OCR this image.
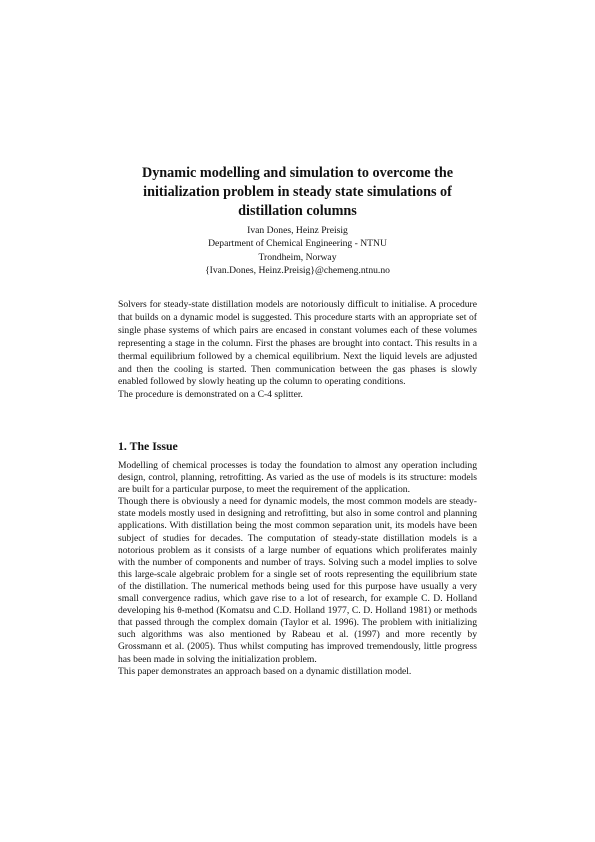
Dynamic modelling and simulation to overcome the
initialization problem in steady state simulations of
distillation columns
Ivan Dones, Heinz Preisig
Department of Chemical Engineering - NTNU
Trondheim, Norway
{Ivan.Dones, Heinz.Preisig}@chemeng.ntnu.no

Solvers for steady-state distillation models are notoriously difficult to initialise. A procedure that builds on a dynamic model is suggested. This procedure starts with an appropriate set of single phase systems of which pairs are encased in constant volumes each of these volumes representing a stage in the column. First the phases are brought into contact. This results in a thermal equilibrium followed by a chemical equilibrium. Next the liquid levels are adjusted and then the cooling is started. Then communication between the gas phases is slowly enabled followed by slowly heating up the column to operating conditions.

The procedure is demonstrated on a C-4 splitter.

1. The Issue

Modelling of chemical processes is today the foundation to almost any operation including design, control, planning, retrofitting. As varied as the use of models is its structure: models are built for a particular purpose, to meet the requirement of the application.

Though there is obviously a need for dynamic models, the most common models are steady-state models mostly used in designing and retrofitting, but also in some control and planning applications. With distillation being the most common separation unit, its models have been subject of studies for decades. The computation of steady-state distillation models is a notorious problem as it consists of a large number of equations which proliferates mainly with the number of components and number of trays. Solving such a model implies to solve this large-scale algebraic problem for a single set of roots representing the equilibrium state of the distillation. The numerical methods being used for this purpose have usually a very small convergence radius, which gave rise to a lot of research, for example C. D. Holland developing his θ-method (Komatsu and C.D. Holland 1977, C. D. Holland 1981) or methods that passed through the complex domain (Taylor et al. 1996). The problem with initializing such algorithms was also mentioned by Rabeau et al. (1997) and more recently by Grossmann et al. (2005). Thus whilst computing has improved tremendously, little progress has been made in solving the initialization problem.

This paper demonstrates an approach based on a dynamic distillation model.
